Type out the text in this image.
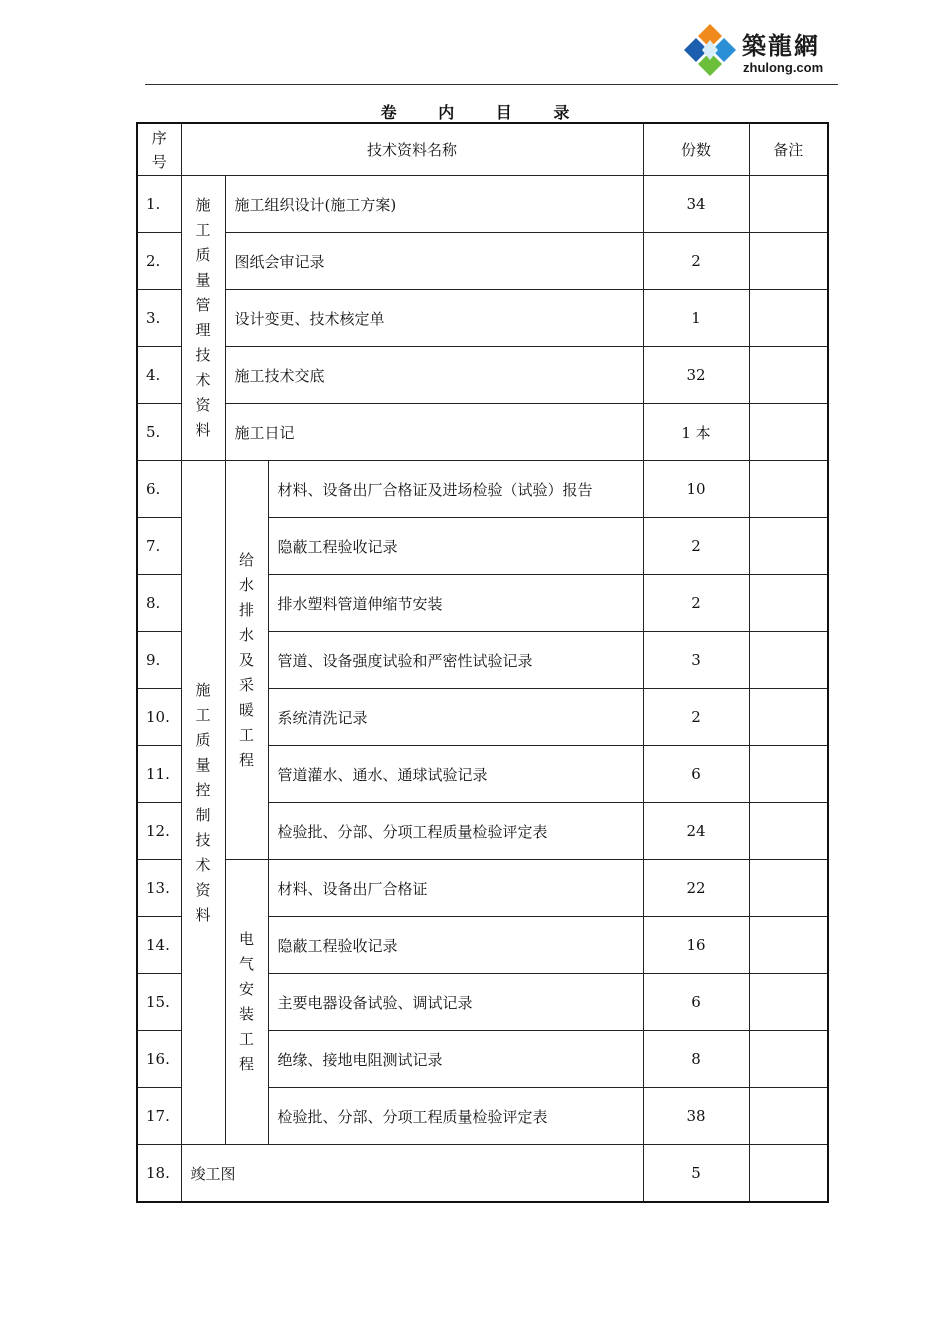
築龍網
zhulong.com
卷 内 目 录
序号	技术资料名称			份数	备注
1.	施工质量管理技术资料	施工组织设计(施工方案)		34	
2.		图纸会审记录		2	
3.		设计变更、技术核定单		1	
4.		施工技术交底		32	
5.		施工日记		1 本	
6.	施工质量控制技术资料	给水排水及采暖工程	材料、设备出厂合格证及进场检验（试验）报告	10	
7.			隐蔽工程验收记录	2	
8.			排水塑料管道伸缩节安装	2	
9.			管道、设备强度试验和严密性试验记录	3	
10.			系统清洗记录	2	
11.			管道灌水、通水、通球试验记录	6	
12.			检验批、分部、分项工程质量检验评定表	24	
13.		电气安装工程	材料、设备出厂合格证	22	
14.			隐蔽工程验收记录	16	
15.			主要电器设备试验、调试记录	6	
16.			绝缘、接地电阻测试记录	8	
17.			检验批、分部、分项工程质量检验评定表	38	
18.	竣工图			5	
